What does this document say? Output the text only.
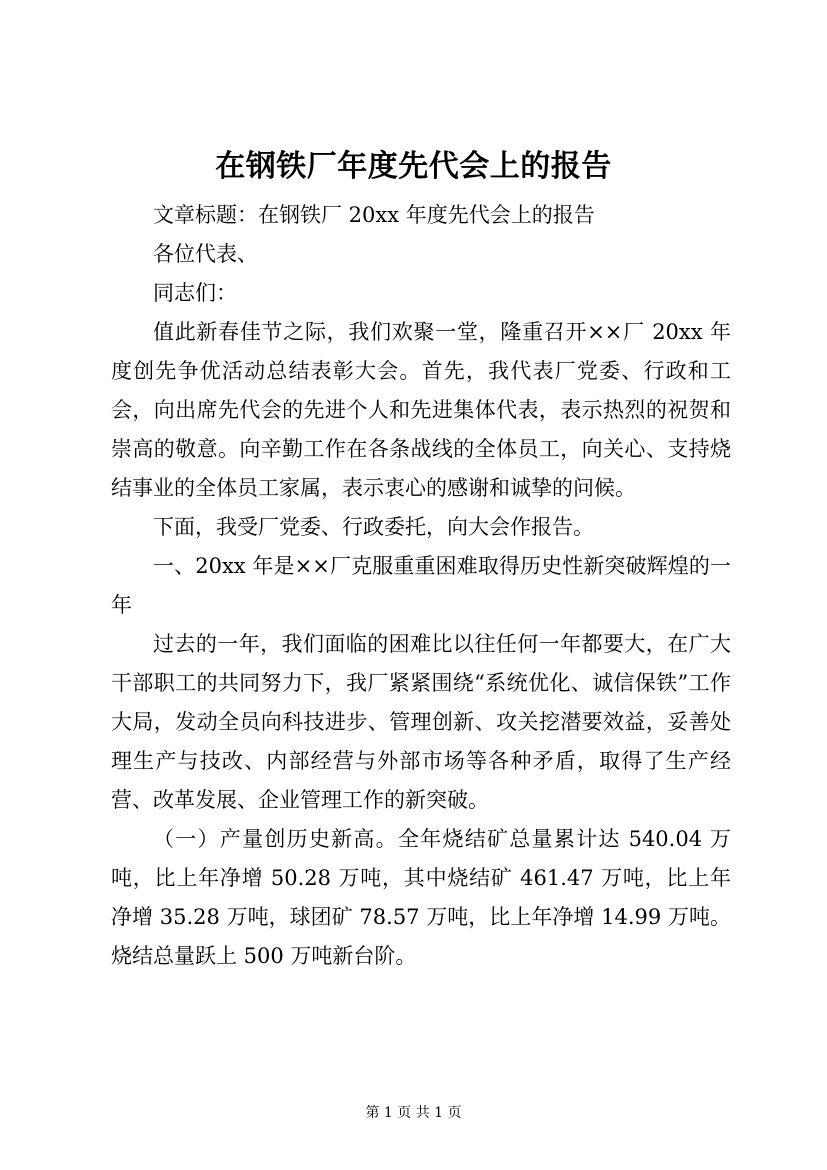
在钢铁厂年度先代会上的报告

文章标题：在钢铁厂 20xx 年度先代会上的报告

各位代表、

同志们：

值此新春佳节之际，我们欢聚一堂，隆重召开××厂 20xx 年度创先争优活动总结表彰大会。首先，我代表厂党委、行政和工会，向出席先代会的先进个人和先进集体代表，表示热烈的祝贺和崇高的敬意。向辛勤工作在各条战线的全体员工，向关心、支持烧结事业的全体员工家属，表示衷心的感谢和诚挚的问候。

下面，我受厂党委、行政委托，向大会作报告。

一、20xx 年是××厂克服重重困难取得历史性新突破辉煌的一年

过去的一年，我们面临的困难比以往任何一年都要大，在广大干部职工的共同努力下，我厂紧紧围绕“系统优化、诚信保铁”工作大局，发动全员向科技进步、管理创新、攻关挖潜要效益，妥善处理生产与技改、内部经营与外部市场等各种矛盾，取得了生产经营、改革发展、企业管理工作的新突破。

（一）产量创历史新高。全年烧结矿总量累计达 540.04 万吨，比上年净增 50.28 万吨，其中烧结矿 461.47 万吨，比上年净增 35.28 万吨，球团矿 78.57 万吨，比上年净增 14.99 万吨。烧结总量跃上 500 万吨新台阶。

第 1 页 共 1 页
